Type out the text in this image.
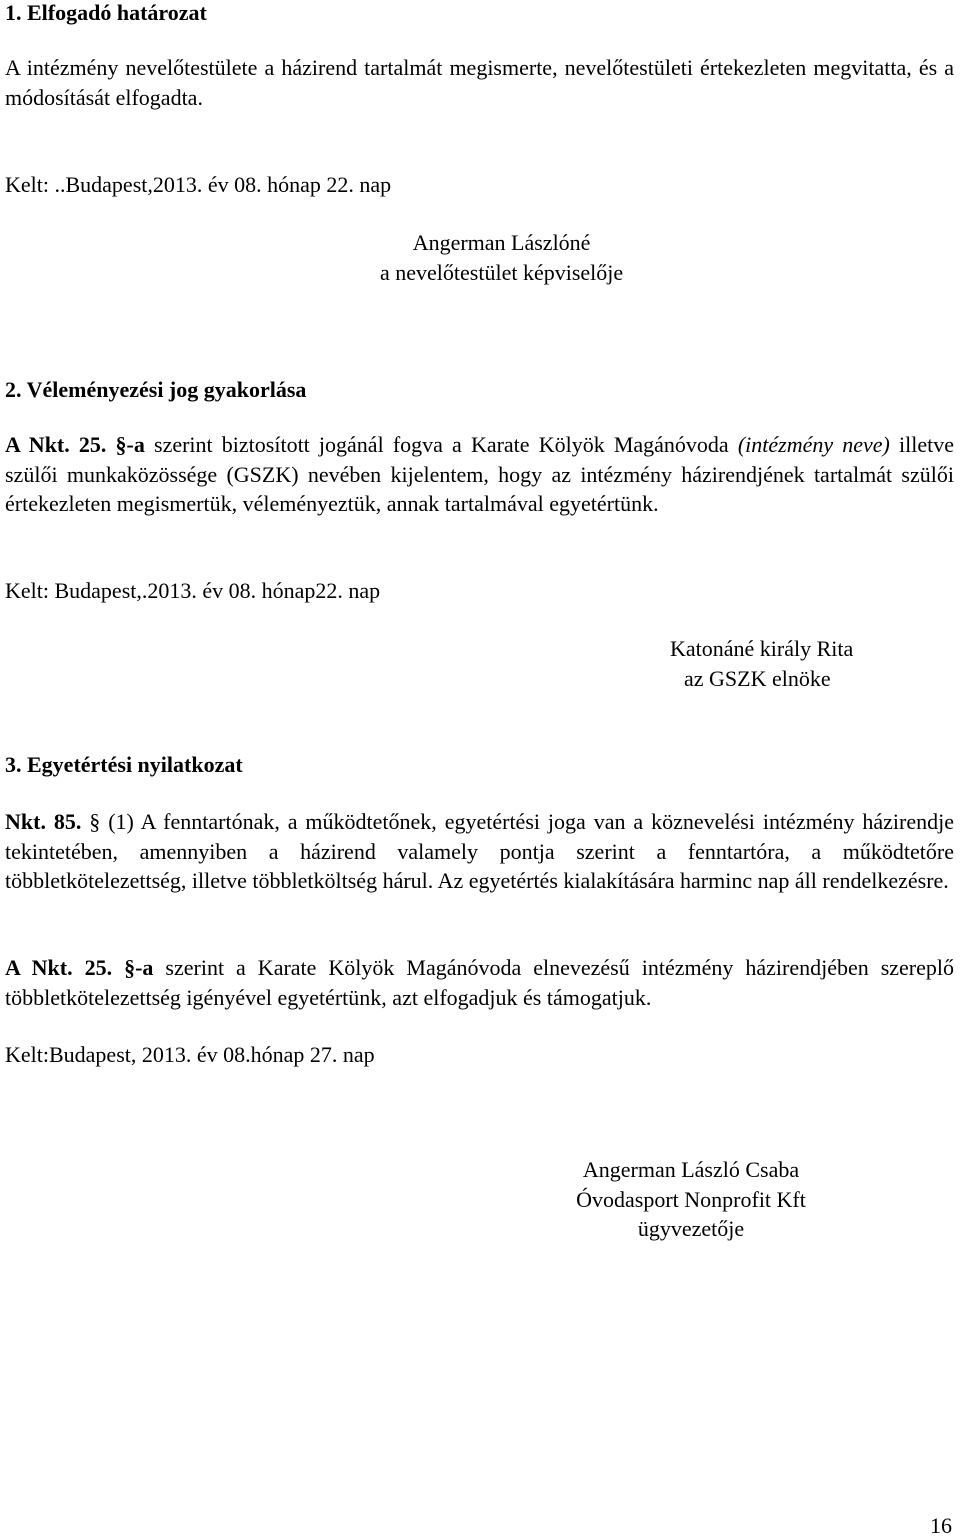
1. Elfogadó határozat

A intézmény nevelőtestülete a házirend tartalmát megismerte, nevelőtestületi értekezleten megvitatta, és a módosítását elfogadta.

Kelt: ..Budapest,2013. év 08. hónap 22. nap
Angerman Lászlóné
a nevelőtestület képviselője
2. Véleményezési jog gyakorlása

A Nkt. 25. §-a szerint biztosított jogánál fogva a Karate Kölyök Magánóvoda (intézmény neve) illetve szülői munkaközössége (GSZK) nevében kijelentem, hogy az intézmény házirendjének tartalmát szülői értekezleten megismertük, véleményeztük, annak tartalmával egyetértünk.

Kelt: Budapest,.2013. év 08. hónap22. nap
Katonáné király Rita
az GSZK elnöke
3. Egyetértési nyilatkozat

Nkt. 85. § (1) A fenntartónak, a működtetőnek, egyetértési joga van a köznevelési intézmény házirendje tekintetében, amennyiben a házirend valamely pontja szerint a fenntartóra, a működtetőre többletkötelezettség, illetve többletköltség hárul. Az egyetértés kialakítására harminc nap áll rendelkezésre.

A Nkt. 25. §-a szerint a Karate Kölyök Magánóvoda elnevezésű intézmény házirendjében szereplő többletkötelezettség igényével egyetértünk, azt elfogadjuk és támogatjuk.

Kelt:Budapest, 2013. év 08.hónap 27. nap
Angerman László Csaba
Óvodasport Nonprofit Kft
ügyvezetője
16
